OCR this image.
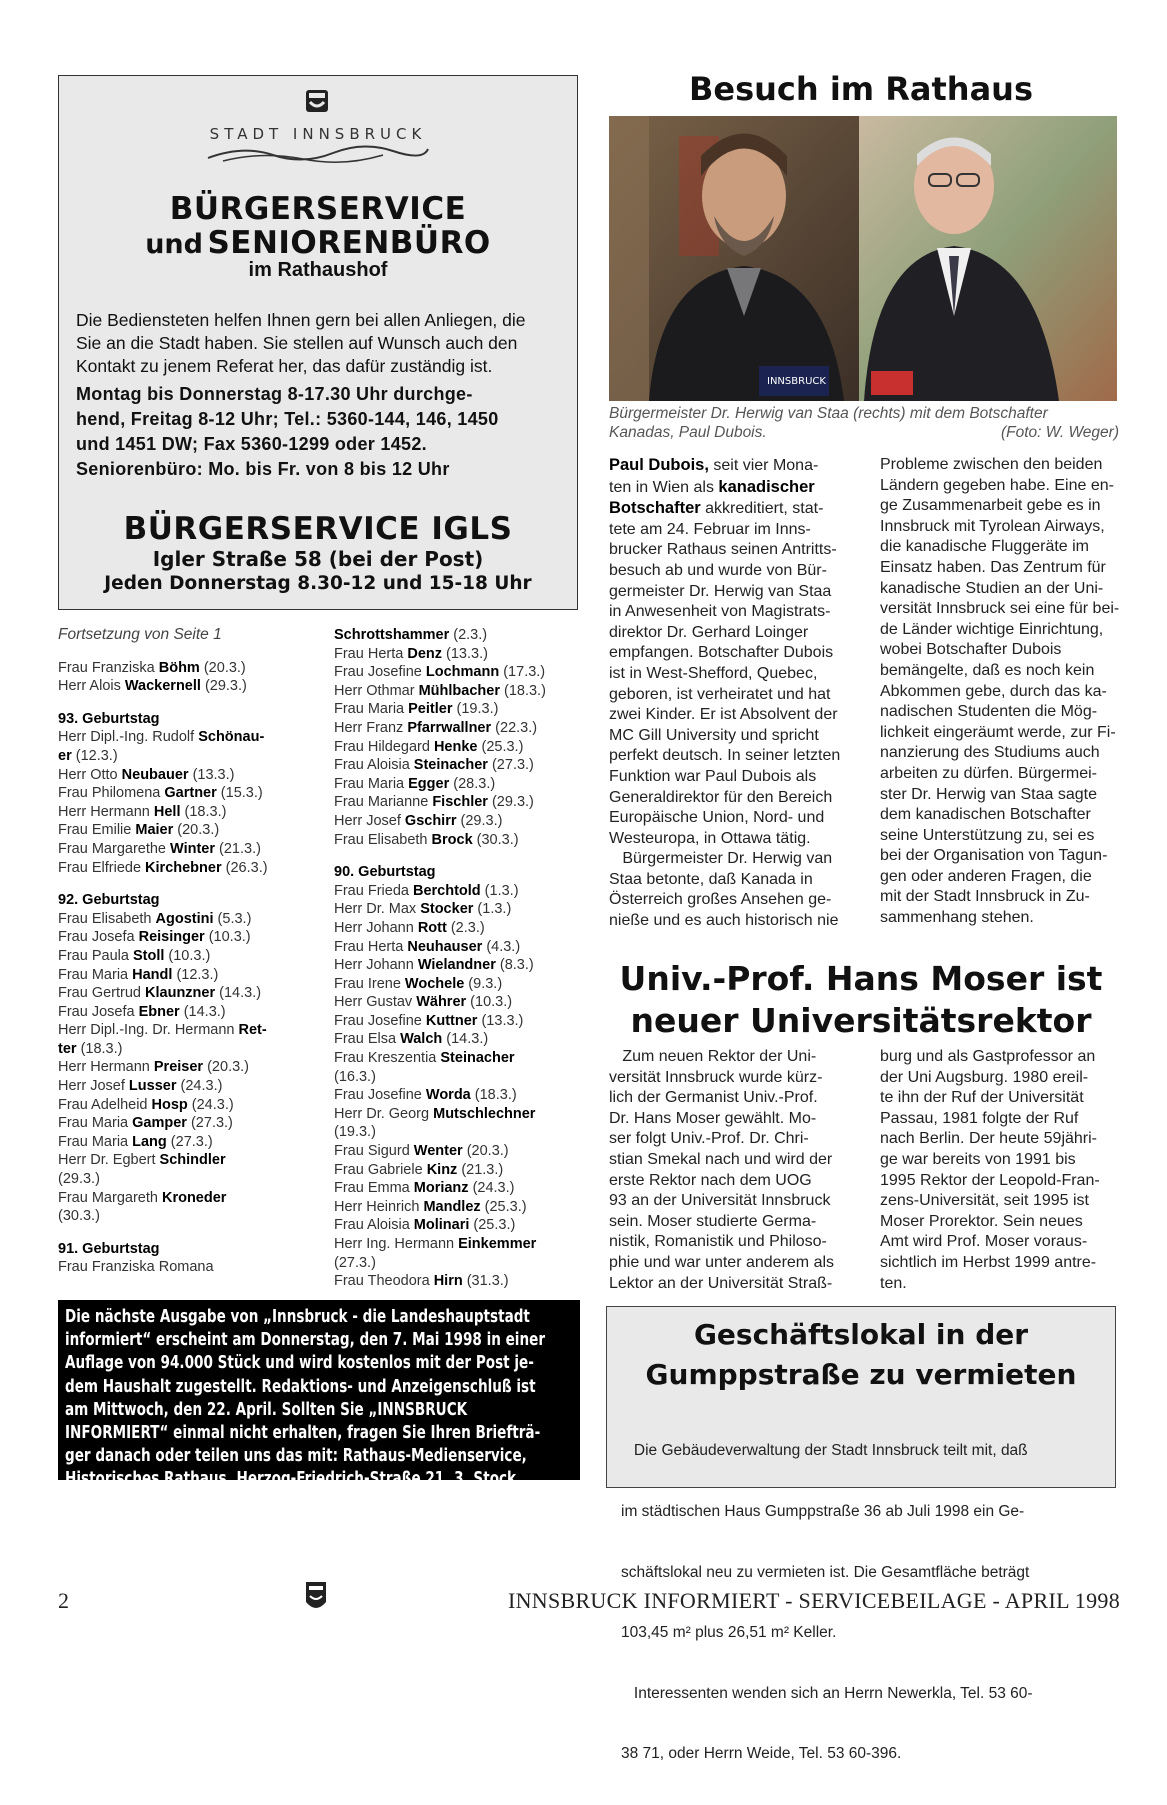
STADT INNSBRUCK
BÜRGERSERVICE
und SENIORENBÜRO
im Rathaushof
Die Bediensteten helfen Ihnen gern bei allen Anliegen, die
Sie an die Stadt haben. Sie stellen auf Wunsch auch den
Kontakt zu jenem Referat her, das dafür zuständig ist.
Montag bis Donnerstag 8-17.30 Uhr durchge-
hend, Freitag 8-12 Uhr; Tel.: 5360-144, 146, 1450
und 1451 DW; Fax 5360-1299 oder 1452.
Seniorenbüro: Mo. bis Fr. von 8 bis 12 Uhr
BÜRGERSERVICE IGLS
Igler Straße 58 (bei der Post)
Jeden Donnerstag 8.30-12 und 15-18 Uhr
Fortsetzung von Seite 1
Frau Franziska Böhm (20.3.)
Herr Alois Wackernell (29.3.)
93. Geburtstag
Herr Dipl.-Ing. Rudolf Schönau-
er (12.3.)
Herr Otto Neubauer (13.3.)
Frau Philomena Gartner (15.3.)
Herr Hermann Hell (18.3.)
Frau Emilie Maier (20.3.)
Frau Margarethe Winter (21.3.)
Frau Elfriede Kirchebner (26.3.)
92. Geburtstag
Frau Elisabeth Agostini (5.3.)
Frau Josefa Reisinger (10.3.)
Frau Paula Stoll (10.3.)
Frau Maria Handl (12.3.)
Frau Gertrud Klaunzner (14.3.)
Frau Josefa Ebner (14.3.)
Herr Dipl.-Ing. Dr. Hermann Ret-
ter (18.3.)
Herr Hermann Preiser (20.3.)
Herr Josef Lusser (24.3.)
Frau Adelheid Hosp (24.3.)
Frau Maria Gamper (27.3.)
Frau Maria Lang (27.3.)
Herr Dr. Egbert Schindler
(29.3.)
Frau Margareth Kroneder
(30.3.)
91. Geburtstag
Frau Franziska Romana
Schrottshammer (2.3.)
Frau Herta Denz (13.3.)
Frau Josefine Lochmann (17.3.)
Herr Othmar Mühlbacher (18.3.)
Frau Maria Peitler (19.3.)
Herr Franz Pfarrwallner (22.3.)
Frau Hildegard Henke (25.3.)
Frau Aloisia Steinacher (27.3.)
Frau Maria Egger (28.3.)
Frau Marianne Fischler (29.3.)
Herr Josef Gschirr (29.3.)
Frau Elisabeth Brock (30.3.)
90. Geburtstag
Frau Frieda Berchtold (1.3.)
Herr Dr. Max Stocker (1.3.)
Herr Johann Rott (2.3.)
Frau Herta Neuhauser (4.3.)
Herr Johann Wielandner (8.3.)
Frau Irene Wochele (9.3.)
Herr Gustav Währer (10.3.)
Frau Josefine Kuttner (13.3.)
Frau Elsa Walch (14.3.)
Frau Kreszentia Steinacher
(16.3.)
Frau Josefine Worda (18.3.)
Herr Dr. Georg Mutschlechner
(19.3.)
Frau Sigurd Wenter (20.3.)
Frau Gabriele Kinz (21.3.)
Frau Emma Morianz (24.3.)
Herr Heinrich Mandlez (25.3.)
Frau Aloisia Molinari (25.3.)
Herr Ing. Hermann Einkemmer
(27.3.)
Frau Theodora Hirn (31.3.)

Die nächste Ausgabe von „Innsbruck - die Landeshauptstadt

informiert“ erscheint am Donnerstag, den 7. Mai 1998 in einer

Auflage von 94.000 Stück und wird kostenlos mit der Post je-

dem Haushalt zugestellt. Redaktions- und Anzeigenschluß ist

am Mittwoch, den 22. April. Sollten Sie „INNSBRUCK

INFORMIERT“ einmal nicht erhalten, fragen Sie Ihren Briefträ-

ger danach oder teilen uns das mit: Rathaus-Medienservice,

Historisches Rathaus, Herzog-Friedrich-Straße 21, 3. Stock,

Telefon 57 24 66, Telefax 58 24 93.

Besuch im Rathaus
INNSBRUCK
Bürgermeister Dr. Herwig van Staa (rechts) mit dem Botschafter
Kanadas, Paul Dubois.	(Foto: W. Weger)
Paul Dubois, seit vier Mona-
ten in Wien als kanadischer
Botschafter akkreditiert, stat-
tete am 24. Februar im Inns-
brucker Rathaus seinen Antritts-
besuch ab und wurde von Bür-
germeister Dr. Herwig van Staa
in Anwesenheit von Magistrats-
direktor Dr. Gerhard Loinger
empfangen. Botschafter Dubois
ist in West-Shefford, Quebec,
geboren, ist verheiratet und hat
zwei Kinder. Er ist Absolvent der
MC Gill University und spricht
perfekt deutsch. In seiner letzten
Funktion war Paul Dubois als
Generaldirektor für den Bereich
Europäische Union, Nord- und
Westeuropa, in Ottawa tätig.
Bürgermeister Dr. Herwig van
Staa betonte, daß Kanada in
Österreich großes Ansehen ge-
nieße und es auch historisch nie
Probleme zwischen den beiden
Ländern gegeben habe. Eine en-
ge Zusammenarbeit gebe es in
Innsbruck mit Tyrolean Airways,
die kanadische Fluggeräte im
Einsatz haben. Das Zentrum für
kanadische Studien an der Uni-
versität Innsbruck sei eine für bei-
de Länder wichtige Einrichtung,
wobei Botschafter Dubois
bemängelte, daß es noch kein
Abkommen gebe, durch das ka-
nadischen Studenten die Mög-
lichkeit eingeräumt werde, zur Fi-
nanzierung des Studiums auch
arbeiten zu dürfen. Bürgermei-
ster Dr. Herwig van Staa sagte
dem kanadischen Botschafter
seine Unterstützung zu, sei es
bei der Organisation von Tagun-
gen oder anderen Fragen, die
mit der Stadt Innsbruck in Zu-
sammenhang stehen.
Univ.-Prof. Hans Moser ist
neuer Universitätsrektor
Zum neuen Rektor der Uni-
versität Innsbruck wurde kürz-
lich der Germanist Univ.-Prof.
Dr. Hans Moser gewählt. Mo-
ser folgt Univ.-Prof. Dr. Chri-
stian Smekal nach und wird der
erste Rektor nach dem UOG
93 an der Universität Innsbruck
sein. Moser studierte Germa-
nistik, Romanistik und Philoso-
phie und war unter anderem als
Lektor an der Universität Straß-
burg und als Gastprofessor an
der Uni Augsburg. 1980 ereil-
te ihn der Ruf der Universität
Passau, 1981 folgte der Ruf
nach Berlin. Der heute 59jähri-
ge war bereits von 1991 bis
1995 Rektor der Leopold-Fran-
zens-Universität, seit 1995 ist
Moser Prorektor. Sein neues
Amt wird Prof. Moser voraus-
sichtlich im Herbst 1999 antre-
ten.
Geschäftslokal in der
Gumppstraße zu vermieten

Die Gebäudeverwaltung der Stadt Innsbruck teilt mit, daß

im städtischen Haus Gumppstraße 36 ab Juli 1998 ein Ge-

schäftslokal neu zu vermieten ist. Die Gesamtfläche beträgt

103,45 m² plus 26,51 m² Keller.

Interessenten wenden sich an Herrn Newerkla, Tel. 53 60-

38 71, oder Herrn Weide, Tel. 53 60-396.

2	INNSBRUCK INFORMIERT - SERVICEBEILAGE - APRIL 1998
